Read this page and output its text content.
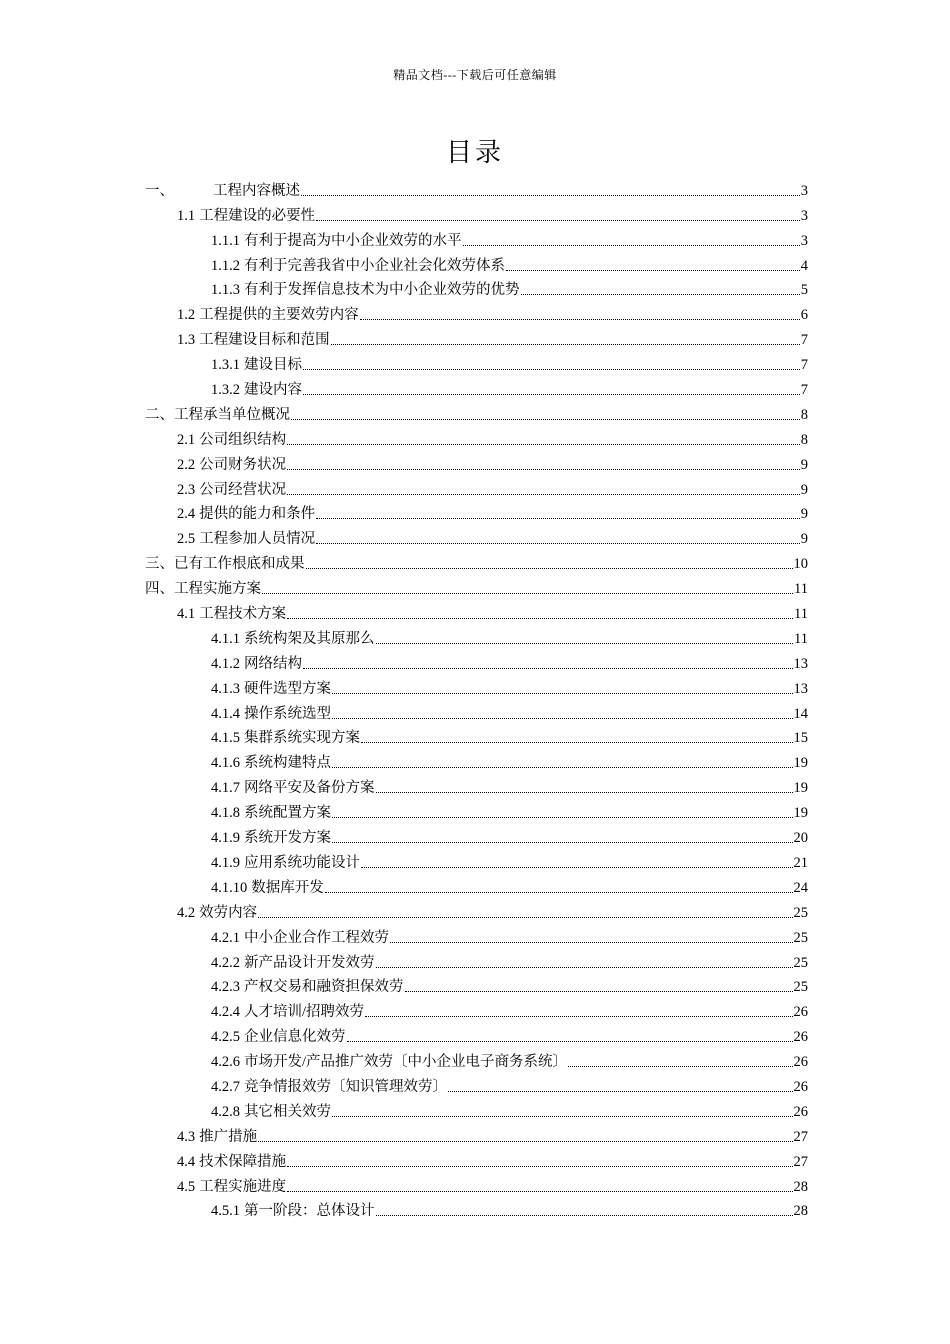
精品文档---下载后可任意编辑
目录
一、	工程内容概述	3
1.1 工程建设的必要性	3
1.1.1 有利于提高为中小企业效劳的水平	3
1.1.2 有利于完善我省中小企业社会化效劳体系	4
1.1.3 有利于发挥信息技术为中小企业效劳的优势	5
1.2 工程提供的主要效劳内容	6
1.3 工程建设目标和范围	7
1.3.1 建设目标	7
1.3.2 建设内容	7
二、 工程承当单位概况	8
2.1 公司组织结构	8
2.2 公司财务状况	9
2.3 公司经营状况	9
2.4 提供的能力和条件	9
2.5 工程参加人员情况	9
三、 已有工作根底和成果	10
四、 工程实施方案	11
4.1 工程技术方案	11
4.1.1 系统构架及其原那么	11
4.1.2 网络结构	13
4.1.3 硬件选型方案	13
4.1.4 操作系统选型	14
4.1.5 集群系统实现方案	15
4.1.6 系统构建特点	19
4.1.7 网络平安及备份方案	19
4.1.8 系统配置方案	19
4.1.9 系统开发方案	20
4.1.9 应用系统功能设计	21
4.1.10 数据库开发	24
4.2 效劳内容	25
4.2.1 中小企业合作工程效劳	25
4.2.2 新产品设计开发效劳	25
4.2.3 产权交易和融资担保效劳	25
4.2.4 人才培训/招聘效劳	26
4.2.5 企业信息化效劳	26
4.2.6 市场开发/产品推广效劳〔中小企业电子商务系统〕	26
4.2.7 竞争情报效劳〔知识管理效劳〕	26
4.2.8 其它相关效劳	26
4.3 推广措施	27
4.4 技术保障措施	27
4.5 工程实施进度	28
4.5.1 第一阶段：总体设计	28
